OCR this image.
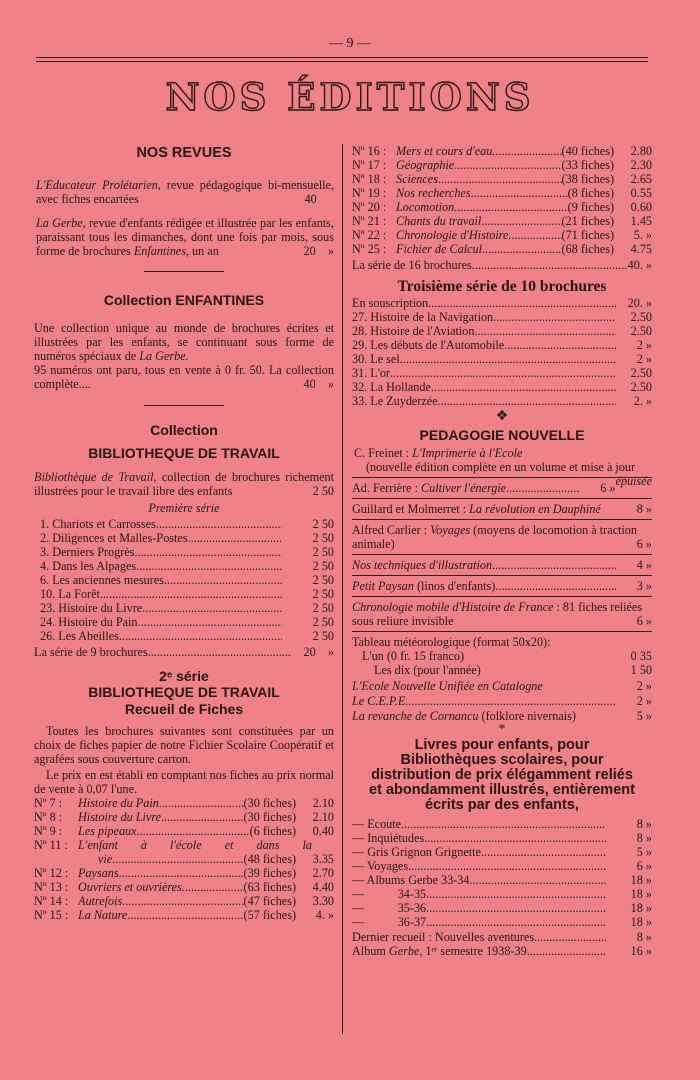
— 9 —
NOS ÉDITIONS
NOS REVUES
L'Educateur Prolétarien, revue pédagogique bi-mensuelle, avec fiches encartées	40
La Gerbe, revue d'enfants rédigée et illustrée par les enfants, paraissant tous les dimanches, dont une fois par mois, sous forme de brochures Enfantines, un an	20 »
Collection ENFANTINES
Une collection unique au monde de brochures écrites et illustrées par les enfants, se continuant sous forme de numéros spéciaux de La Gerbe.
95 numéros ont paru, tous en vente à 0 fr. 50. La collection complète....	40 »
Collection
BIBLIOTHEQUE DE TRAVAIL
Bibliothèque de Travail, collection de brochures richement illustrées pour le travail libre des enfants	2 50
Première série
1. Chariots et Carrosses .....	2 50
2. Diligences et Malles-Postes .....	2 50
3. Derniers Progrès .....	2 50
4. Dans les Alpages .....	2 50
6. Les anciennes mesures .....	2 50
10. La Forêt .....	2 50
23. Histoire du Livre .....	2 50
24. Histoire du Pain .....	2 50
26. Les Abeilles .....	2 50
La série de 9 brochures .....	20 »
2ᵉ série
BIBLIOTHEQUE DE TRAVAIL
Recueil de Fiches
Toutes les brochures suivantes sont constituées par un choix de fiches papier de notre Fichier Scolaire Coopératif et agrafées sous couverture carton.
Le prix en est établi en comptant nos fiches au prix normal de vente à 0,07 l'une.
Nº 7 :	Histoire du Pain .....	(30 fiches)	2.10
Nº 8 :	Histoire du Livre .....	(30 fiches)	2.10
Nº 9 :	Les pipeaux .....	(6 fiches)	0.40
Nº 11 : L'enfant à l'école et dans la
vie .....	(48 fiches)	3.35
Nº 12 : Paysans .....	(39 fiches)	2.70
Nº 13 : Ouvriers et ouvrières. .....	(63 fiches)	4.40
Nº 14 : Autrefois .....	(47 fiches)	3.30
Nº 15 : La Nature .....	(57 fiches)	4. »
Nº 16 : Mers et cours d'eau. .....	(40 fiches)	2.80
Nº 17 : Géographie .....	(33 fiches)	2.30
Nº 18 : Sciences .....	(38 fiches)	2.65
Nº 19 : Nos recherches .....	(8 fiches)	0.55
Nº 20 : Locomotion .....	(9 fiches)	0.60
Nº 21 : Chants du travail .....	(21 fiches)	1.45
Nº 22 : Chronologie d'Histoire. .....	(71 fiches)	5. »
Nº 25 : Fichier de Calcul .....	(68 fiches)	4.75
La série de 16 brochures .....	40. »
Troisième série de 10 brochures
En souscription .....	20. »
27. Histoire de la Navigation .....	2.50
28. Histoire de l'Aviation .....	2.50
29. Les débuts de l'Automobile .....	2 »
30. Le sel .....	2 »
31. L'or .....	2.50
32. La Hollande .....	2.50
33. Le Zuyderzée .....	2. »
❖
PEDAGOGIE NOUVELLE
C. Freinet : L'Imprimerie à l'Ecole
(nouvelle édition complète en un volume et mise à jour
épuisée
Ad. Ferrière : Cultiver l'énergie .....	6 »
Guillard et Molmerret : La révolution en Dauphiné	8 »
Alfred Carlier : Voyages (moyens de locomotion à traction animale)	6 »
Nos techniques d'illustration .....	4 »
Petit Paysan (linos d'enfants) .....	3 »
Chronologie mobile d'Histoire de France : 81 fiches reliées sous reliure invisible	6 »
Tableau météorologique (format 50x20):
L'un (0 fr. 15 franco)	0 35
Les dix (pour l'année)	1 50
L'Ecole Nouvelle Unifiée en Catalogne	2 »
Le C.E.P.E. .....	2 »
La revanche de Cornancu (folklore nivernais)	5 »
*
Livres pour enfants, pour Bibliothèques scolaires, pour distribution de prix élégamment reliés et abondamment illustrés, entièrement écrits par des enfants,
— Ecoute .....	8 »
— Inquiétudes .....	8 »
— Gris Grignon Grignette .....	5 »
— Voyages .....	6 »
— Albums Gerbe 33-34 .....	18 »
—           34-35 .....	18 »
—           35-36 .....	18 »
—           36-37 .....	18 »
Dernier recueil : Nouvelles aventures. .....	8 »
Album Gerbe, 1ᵉʳ semestre 1938-39 .....	16 »
